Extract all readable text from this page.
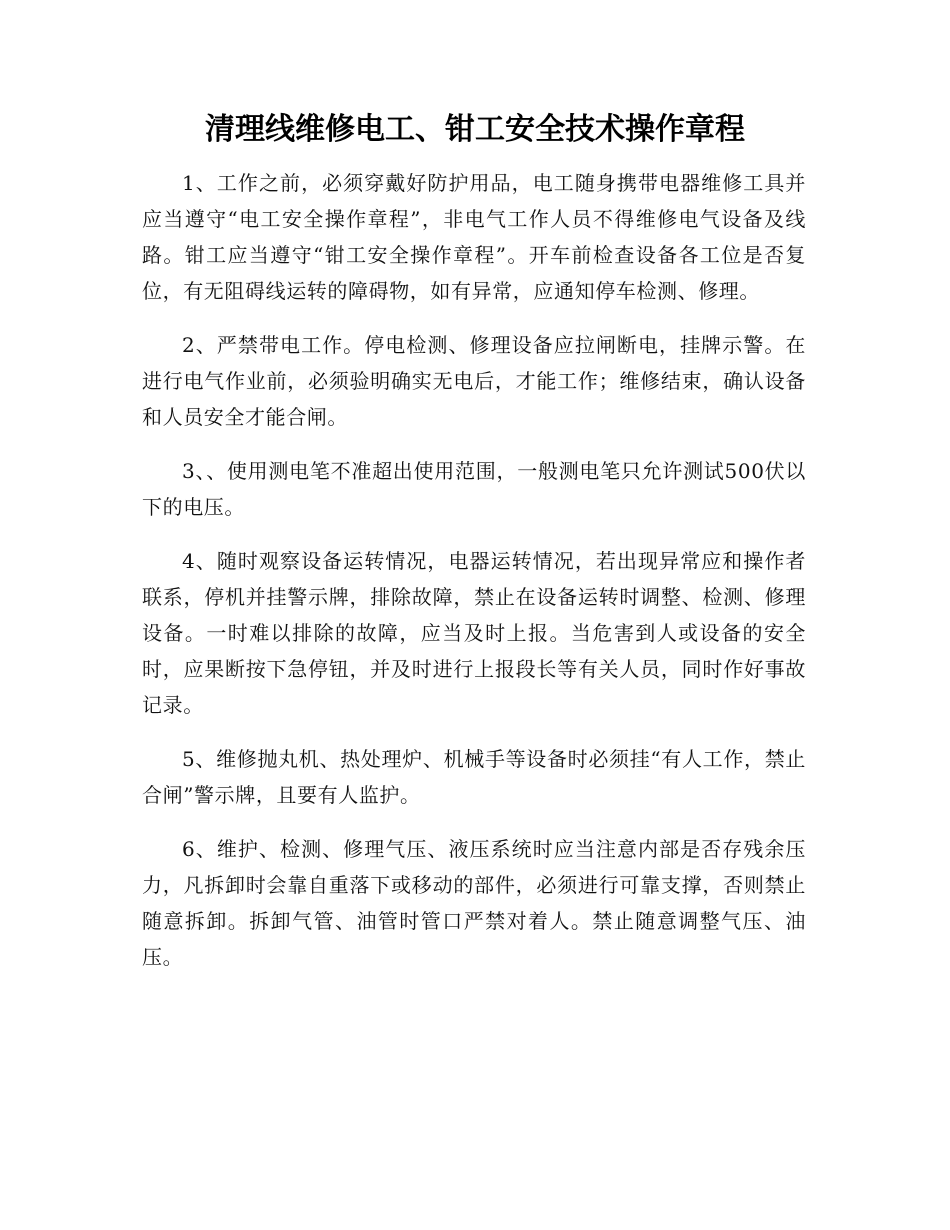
清理线维修电工、钳工安全技术操作章程

1、工作之前，必须穿戴好防护用品，电工随身携带电器维修工具并应当遵守“电工安全操作章程”，非电气工作人员不得维修电气设备及线路。钳工应当遵守“钳工安全操作章程”。开车前检查设备各工位是否复位，有无阻碍线运转的障碍物，如有异常，应通知停车检测、修理。

2、严禁带电工作。停电检测、修理设备应拉闸断电，挂牌示警。在进行电气作业前，必须验明确实无电后，才能工作；维修结束，确认设备和人员安全才能合闸。

3、、使用测电笔不准超出使用范围，一般测电笔只允许测试500伏以下的电压。

4、随时观察设备运转情况，电器运转情况，若出现异常应和操作者联系，停机并挂警示牌，排除故障，禁止在设备运转时调整、检测、修理设备。一时难以排除的故障，应当及时上报。当危害到人或设备的安全时，应果断按下急停钮，并及时进行上报段长等有关人员，同时作好事故记录。

5、维修抛丸机、热处理炉、机械手等设备时必须挂“有人工作，禁止合闸”警示牌，且要有人监护。

6、维护、检测、修理气压、液压系统时应当注意内部是否存残余压力，凡拆卸时会靠自重落下或移动的部件，必须进行可靠支撑，否则禁止随意拆卸。拆卸气管、油管时管口严禁对着人。禁止随意调整气压、油压。
